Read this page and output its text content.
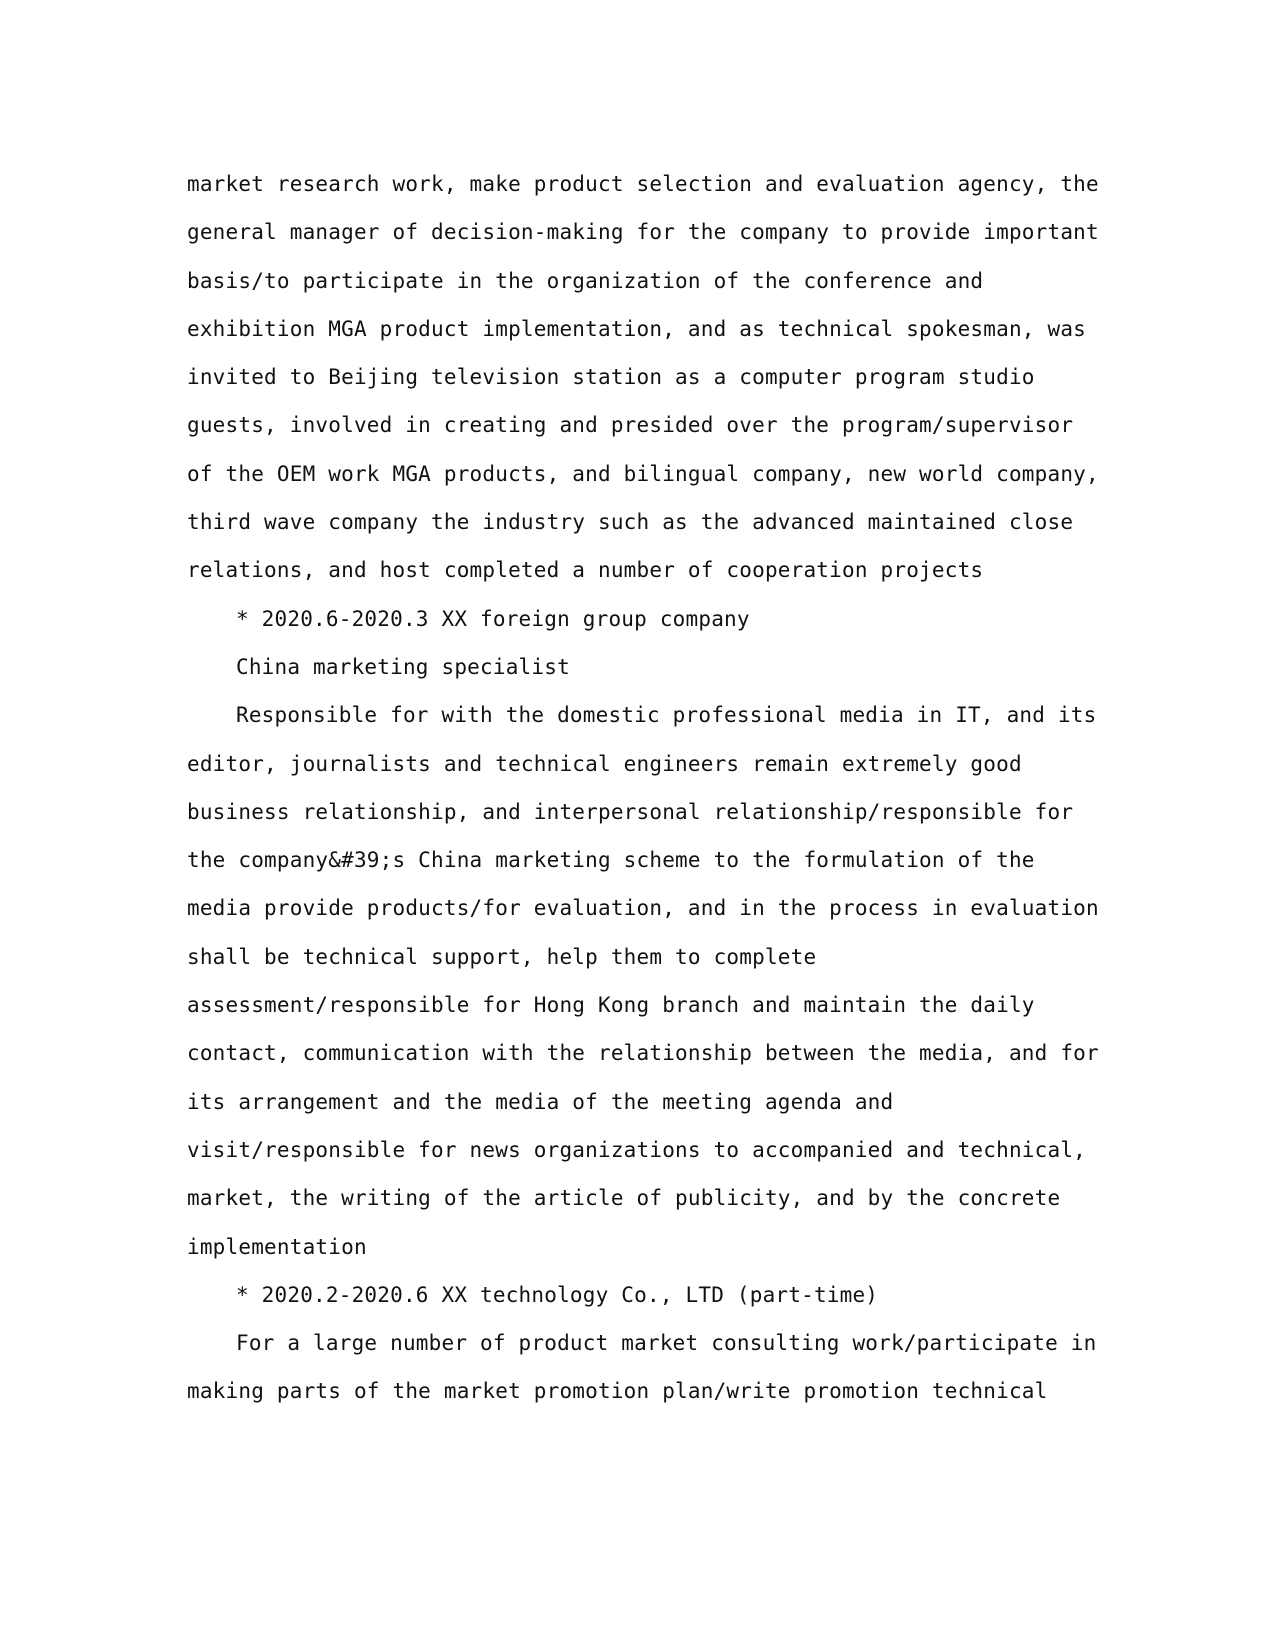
market research work, make product selection and evaluation agency, the
general manager of decision-making for the company to provide important
basis/to participate in the organization of the conference and
exhibition MGA product implementation, and as technical spokesman, was
invited to Beijing television station as a computer program studio
guests, involved in creating and presided over the program/supervisor
of the OEM work MGA products, and bilingual company, new world company,
third wave company the industry such as the advanced maintained close
relations, and host completed a number of cooperation projects
* 2020.6-2020.3 XX foreign group company
China marketing specialist
Responsible for with the domestic professional media in IT, and its
editor, journalists and technical engineers remain extremely good
business relationship, and interpersonal relationship/responsible for
the company&#39;s China marketing scheme to the formulation of the
media provide products/for evaluation, and in the process in evaluation
shall be technical support, help them to complete
assessment/responsible for Hong Kong branch and maintain the daily
contact, communication with the relationship between the media, and for
its arrangement and the media of the meeting agenda and
visit/responsible for news organizations to accompanied and technical,
market, the writing of the article of publicity, and by the concrete
implementation
* 2020.2-2020.6 XX technology Co., LTD (part-time)
For a large number of product market consulting work/participate in
making parts of the market promotion plan/write promotion technical
